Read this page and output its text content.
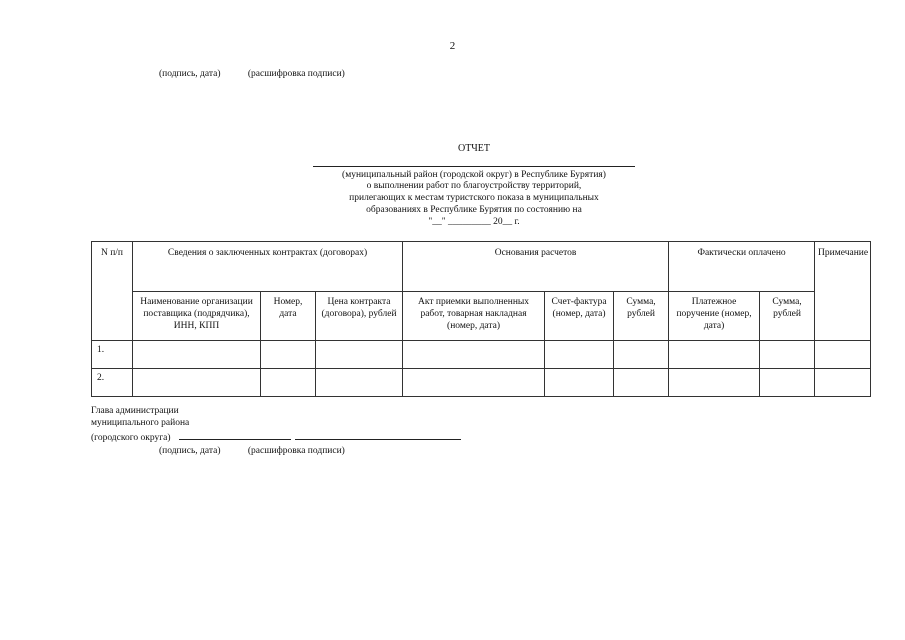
2
(подпись, дата)	(расшифровка подписи)
ОТЧЕТ
(муниципальный район (городской округ) в Республике Бурятия)
о выполнении работ по благоустройству территорий,
прилегающих к местам туристского показа в муниципальных
образованиях в Республике Бурятия по состоянию на
"__" _________ 20__ г.
N п/п	Сведения о заключенных контрактах (договорах)			Основания расчетов			Фактически оплачено		Примечание
	Наименование организации поставщика (подрядчика), ИНН, КПП	Номер, дата	Цена контракта (договора), рублей	Акт приемки выполненных работ, товарная накладная (номер, дата)	Счет-фактура (номер, дата)	Сумма, рублей	Платежное поручение (номер, дата)	Сумма, рублей	
1.									
2.									
Глава администрации
муниципального района
(городского округа)
(подпись, дата)	(расшифровка подписи)
